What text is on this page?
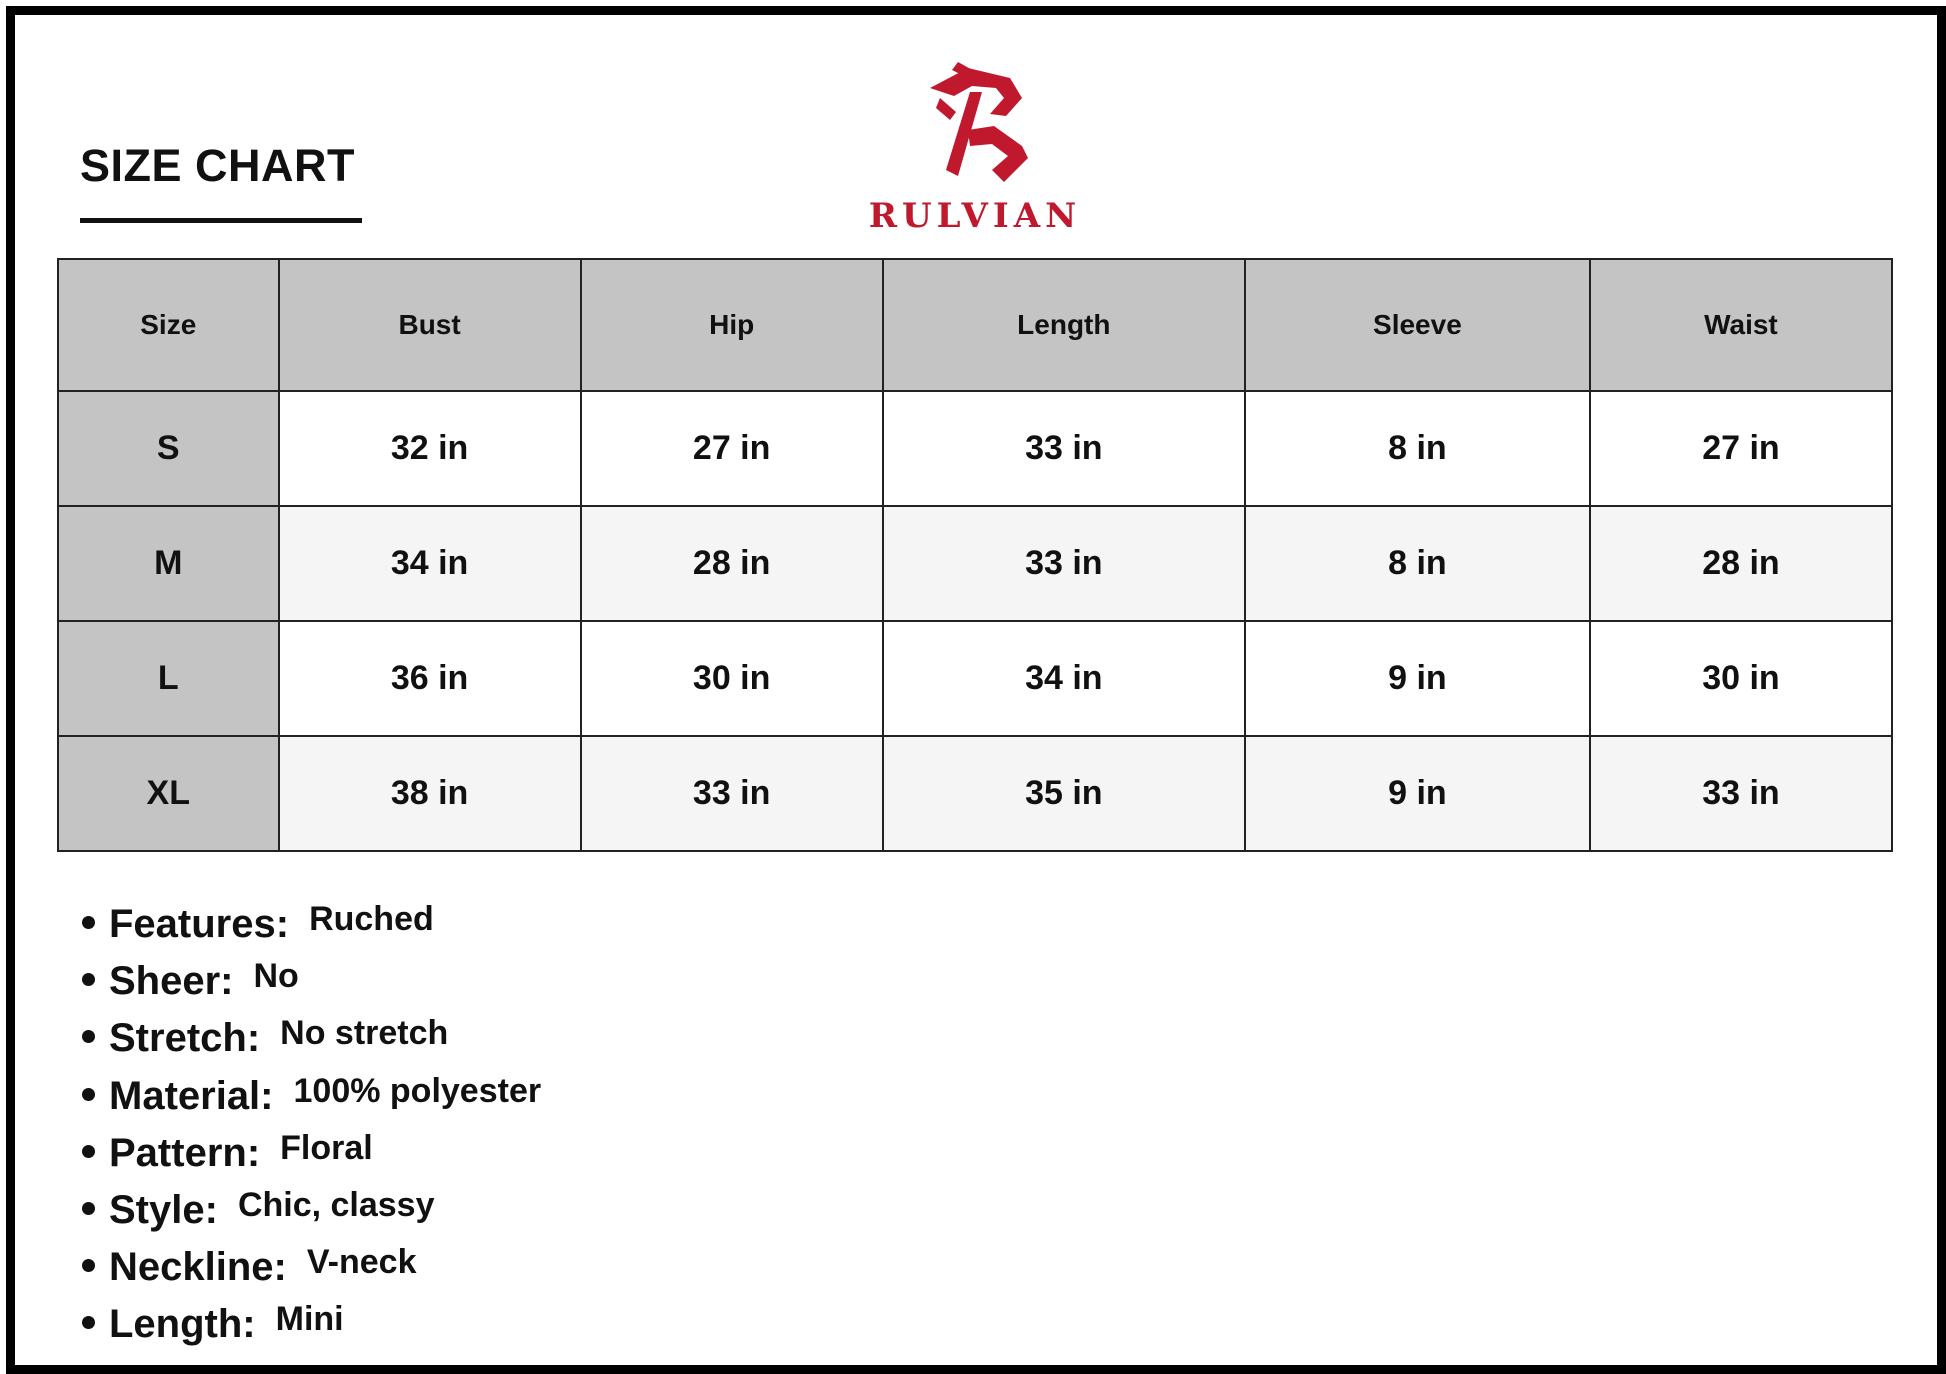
SIZE CHART
RULVIAN
Size	Bust	Hip	Length	Sleeve	Waist
S	32 in	27 in	33 in	8 in	27 in
M	34 in	28 in	33 in	8 in	28 in
L	36 in	30 in	34 in	9 in	30 in
XL	38 in	33 in	35 in	9 in	33 in
Features: Ruched
Sheer: No
Stretch: No stretch
Material: 100% polyester
Pattern: Floral
Style: Chic, classy
Neckline: V-neck
Length: Mini
